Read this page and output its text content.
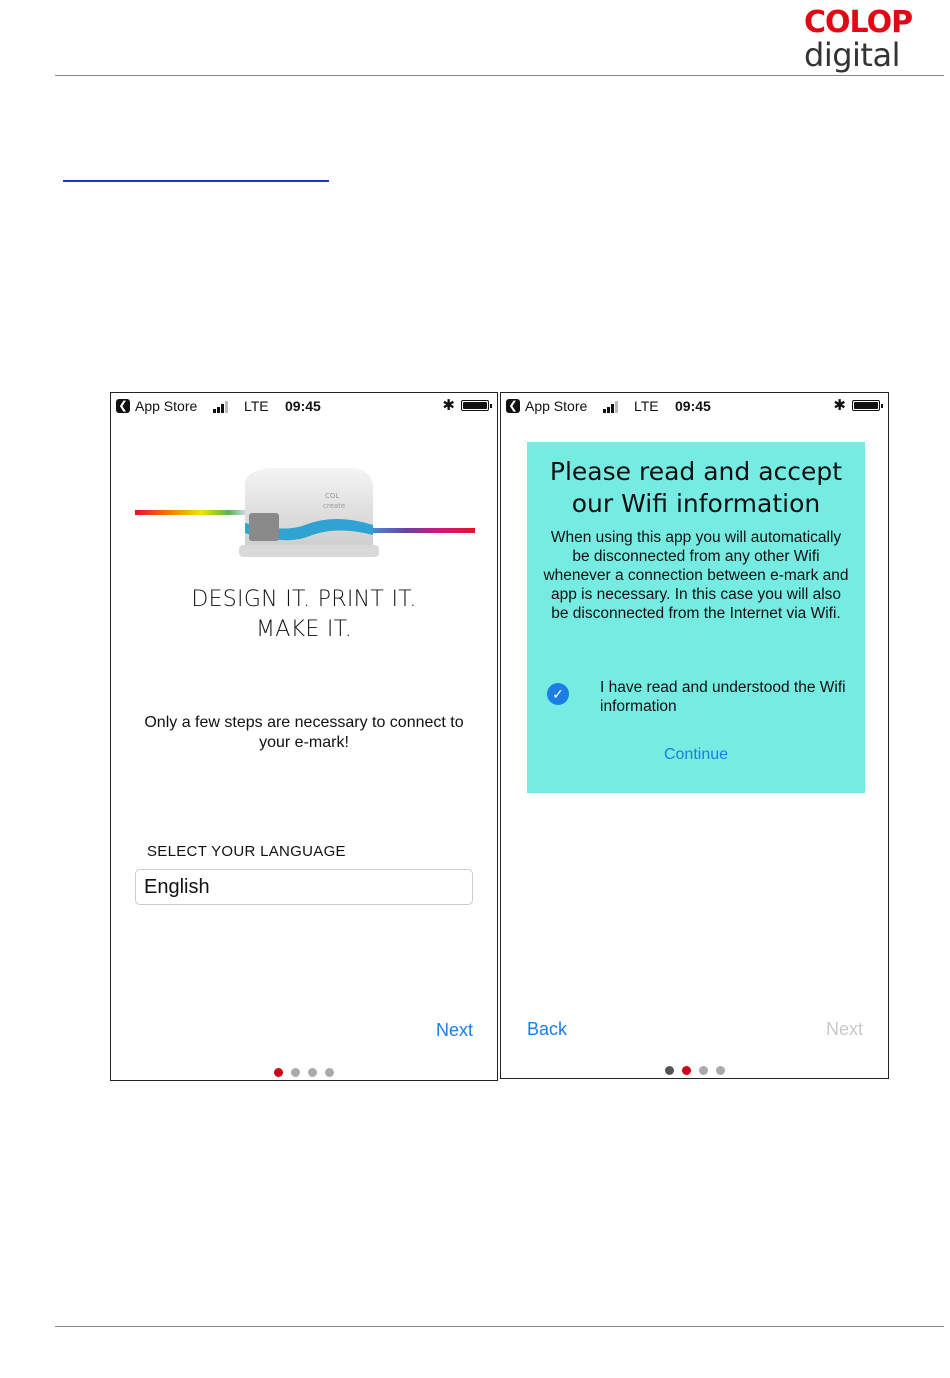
COLOP
digital
❮ App Store	LTE 09:45	✱
COL
create
DESIGN IT. PRINT IT.
MAKE IT.
Only a few steps are necessary to connect to your e-mark!
SELECT YOUR LANGUAGE
English
Next
❮ App Store	LTE 09:45	✱
Please read and accept our Wifi information
When using this app you will automatically be disconnected from any other Wifi whenever a connection between e-mark and app is necessary. In this case you will also be disconnected from the Internet via Wifi.
✓	I have read and understood the Wifi information
Continue
Back	Next
